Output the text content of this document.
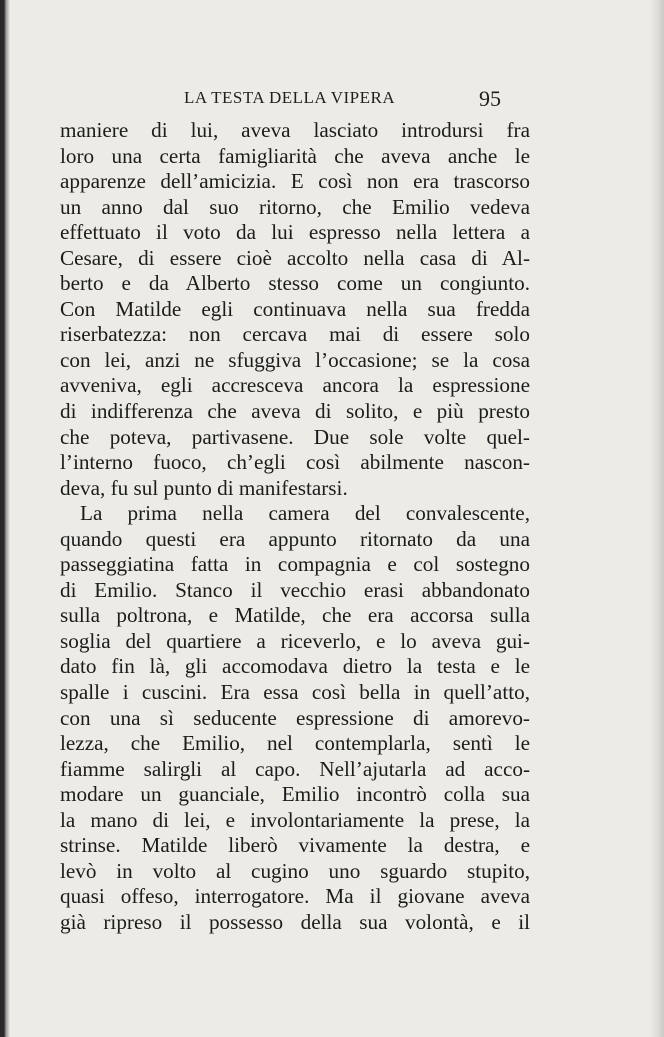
LA TESTA DELLA VIPERA	95
maniere di lui, aveva lasciato introdursi fra
loro una certa famigliarità che aveva anche le
apparenze dell’amicizia. E così non era trascorso
un anno dal suo ritorno, che Emilio vedeva
effettuato il voto da lui espresso nella lettera a
Cesare, di essere cioè accolto nella casa di Al-
berto e da Alberto stesso come un congiunto.
Con Matilde egli continuava nella sua fredda
riserbatezza: non cercava mai di essere solo
con lei, anzi ne sfuggiva l’occasione; se la cosa
avveniva, egli accresceva ancora la espressione
di indifferenza che aveva di solito, e più presto
che poteva, partivasene. Due sole volte quel-
l’interno fuoco, ch’egli così abilmente nascon-
deva, fu sul punto di manifestarsi.
La prima nella camera del convalescente,
quando questi era appunto ritornato da una
passeggiatina fatta in compagnia e col sostegno
di Emilio. Stanco il vecchio erasi abbandonato
sulla poltrona, e Matilde, che era accorsa sulla
soglia del quartiere a riceverlo, e lo aveva gui-
dato fin là, gli accomodava dietro la testa e le
spalle i cuscini. Era essa così bella in quell’atto,
con una sì seducente espressione di amorevo-
lezza, che Emilio, nel contemplarla, sentì le
fiamme salirgli al capo. Nell’ajutarla ad acco-
modare un guanciale, Emilio incontrò colla sua
la mano di lei, e involontariamente la prese, la
strinse. Matilde liberò vivamente la destra, e
levò in volto al cugino uno sguardo stupito,
quasi offeso, interrogatore. Ma il giovane aveva
già ripreso il possesso della sua volontà, e il
